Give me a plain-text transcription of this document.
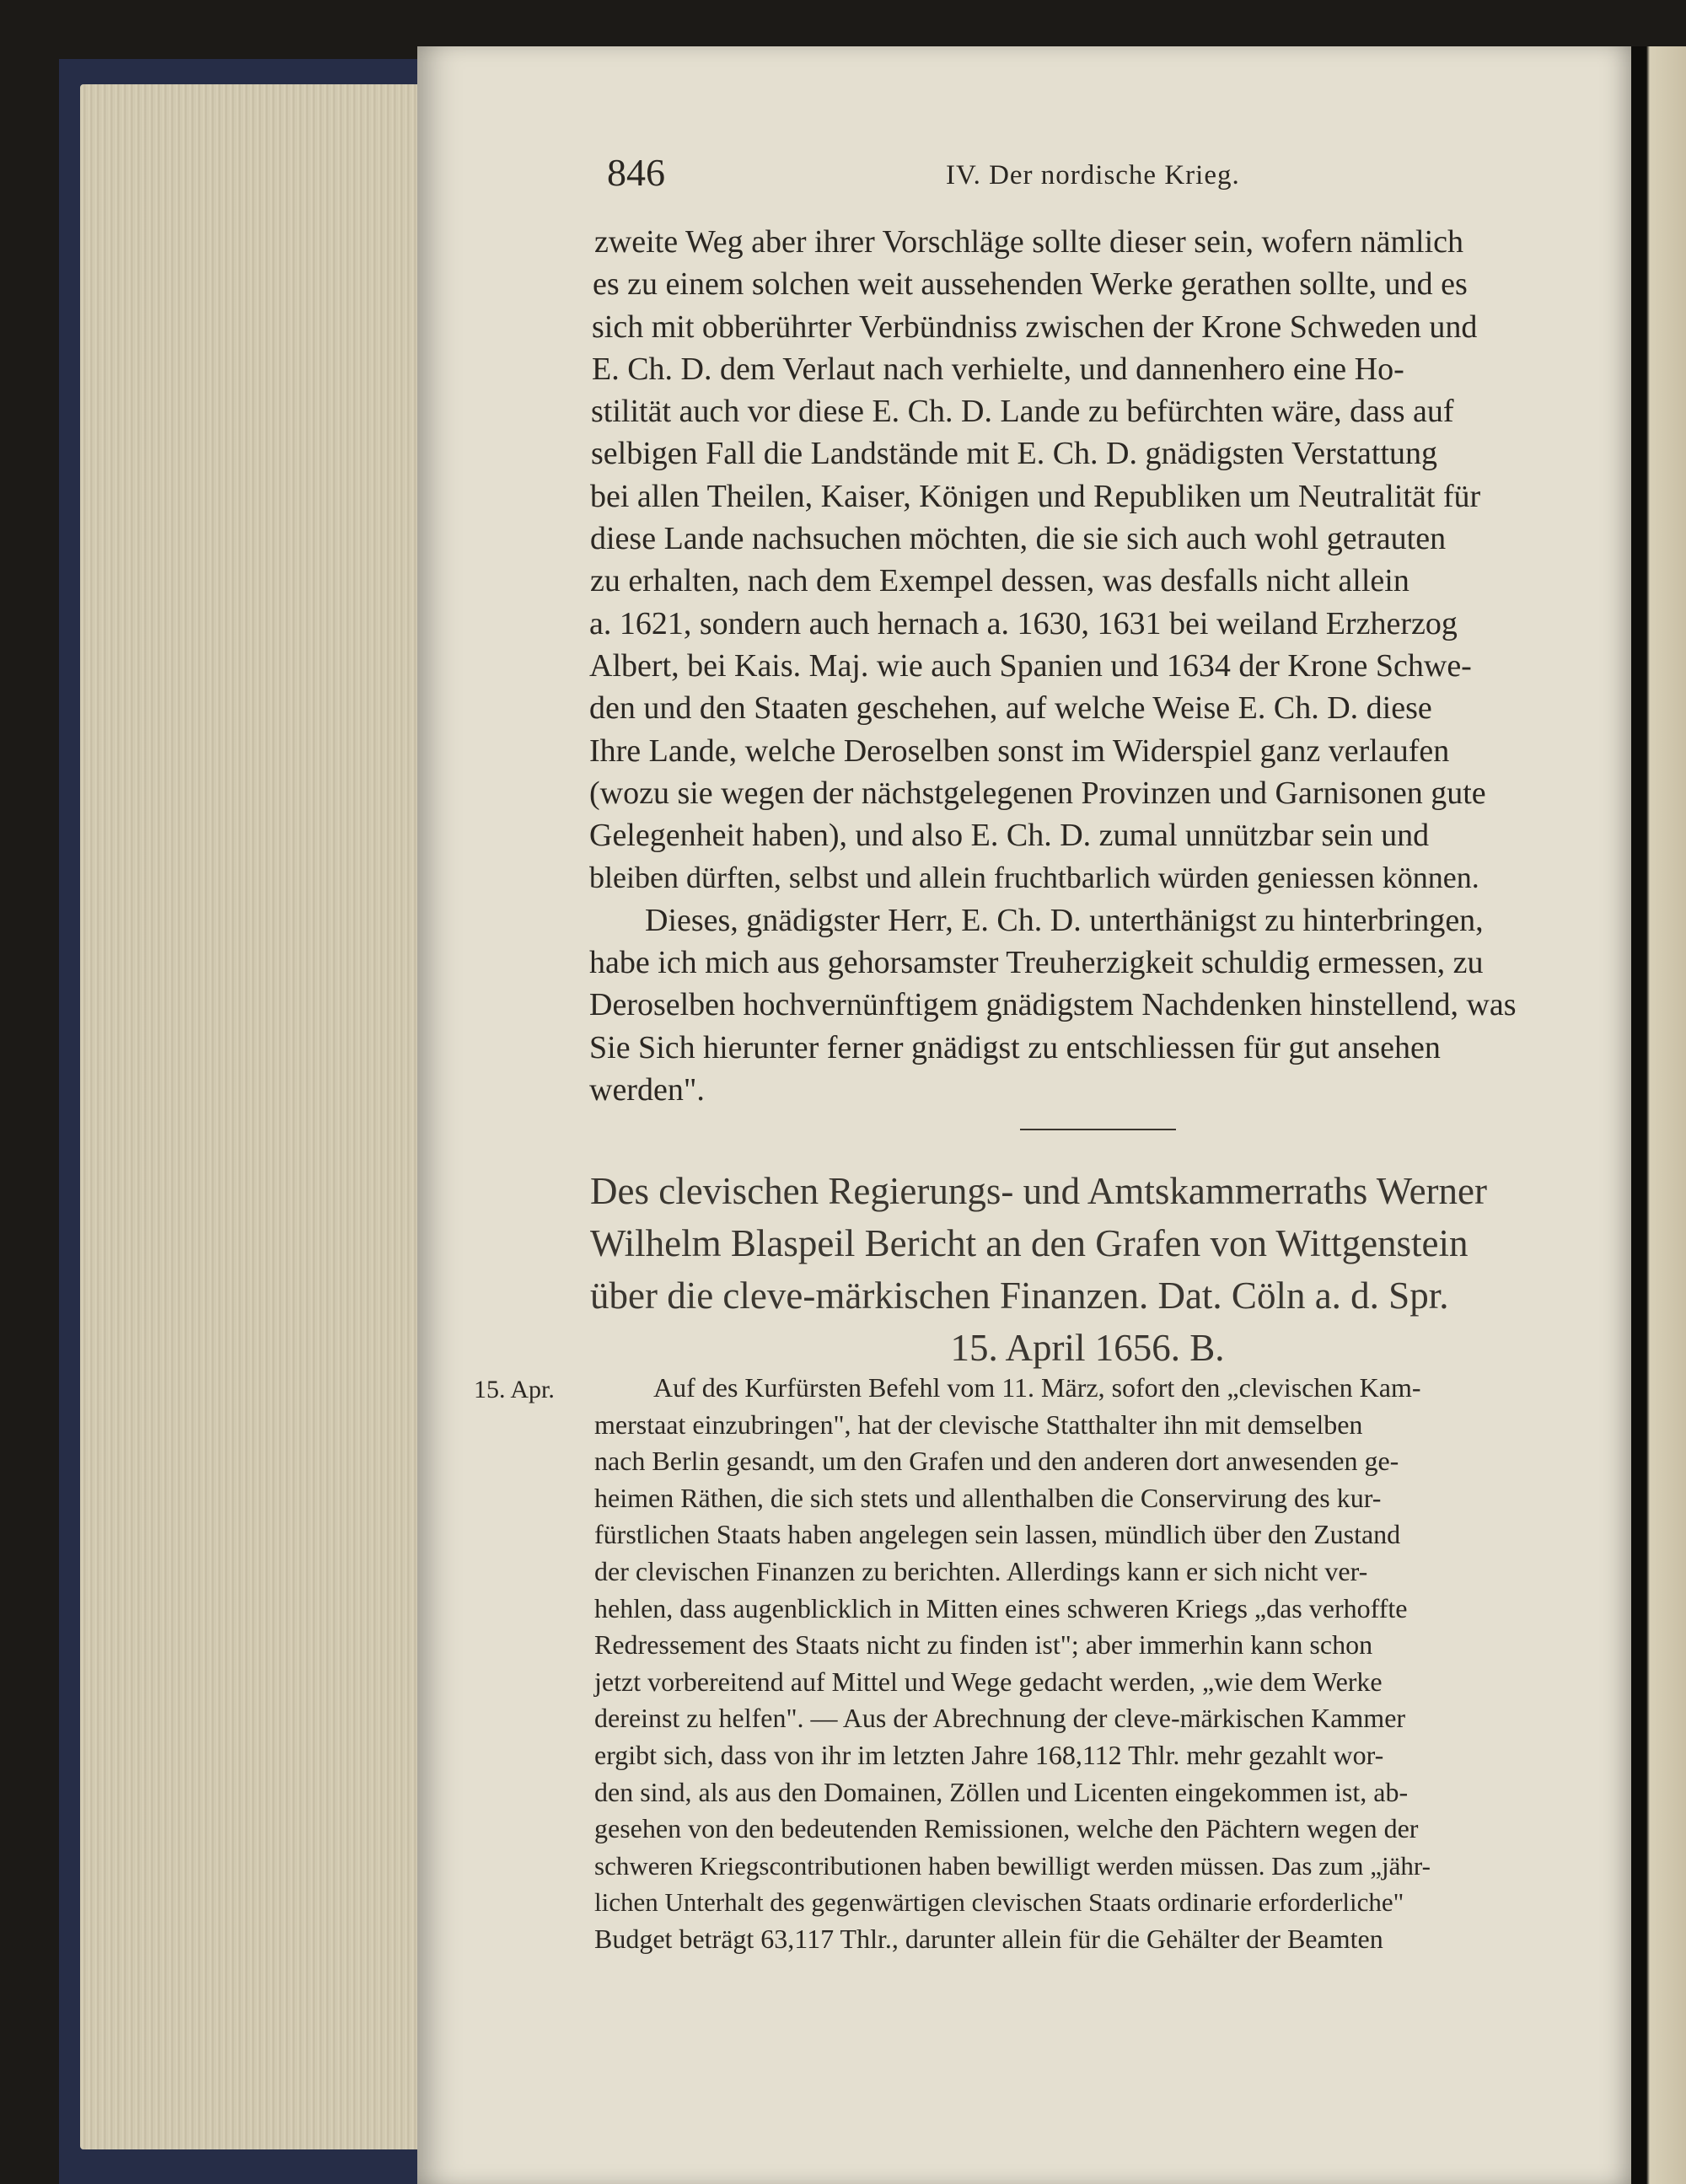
846	IV. Der nordische Krieg.
zweite Weg aber ihrer Vorschläge sollte dieser sein, wofern nämlich
es zu einem solchen weit aussehenden Werke gerathen sollte, und es
sich mit obberührter Verbündniss zwischen der Krone Schweden und
E. Ch. D. dem Verlaut nach verhielte, und dannenhero eine Ho-
stilität auch vor diese E. Ch. D. Lande zu befürchten wäre, dass auf
selbigen Fall die Landstände mit E. Ch. D. gnädigsten Verstattung
bei allen Theilen, Kaiser, Königen und Republiken um Neutralität für
diese Lande nachsuchen möchten, die sie sich auch wohl getrauten
zu erhalten, nach dem Exempel dessen, was desfalls nicht allein
a. 1621, sondern auch hernach a. 1630, 1631 bei weiland Erzherzog
Albert, bei Kais. Maj. wie auch Spanien und 1634 der Krone Schwe-
den und den Staaten geschehen, auf welche Weise E. Ch. D. diese
Ihre Lande, welche Deroselben sonst im Widerspiel ganz verlaufen
(wozu sie wegen der nächstgelegenen Provinzen und Garnisonen gute
Gelegenheit haben), und also E. Ch. D. zumal unnützbar sein und
bleiben dürften, selbst und allein fruchtbarlich würden geniessen können.
Dieses, gnädigster Herr, E. Ch. D. unterthänigst zu hinterbringen,
habe ich mich aus gehorsamster Treuherzigkeit schuldig ermessen, zu
Deroselben hochvernünftigem gnädigstem Nachdenken hinstellend, was
Sie Sich hierunter ferner gnädigst zu entschliessen für gut ansehen
werden".
Des clevischen Regierungs- und Amtskammerraths Werner
Wilhelm Blaspeil Bericht an den Grafen von Wittgenstein
über die cleve-märkischen Finanzen. Dat. Cöln a. d. Spr.
15. April 1656. B.
15. Apr.	Auf des Kurfürsten Befehl vom 11. März, sofort den „clevischen Kam-
merstaat einzubringen", hat der clevische Statthalter ihn mit demselben
nach Berlin gesandt, um den Grafen und den anderen dort anwesenden ge-
heimen Räthen, die sich stets und allenthalben die Conservirung des kur-
fürstlichen Staats haben angelegen sein lassen, mündlich über den Zustand
der clevischen Finanzen zu berichten. Allerdings kann er sich nicht ver-
hehlen, dass augenblicklich in Mitten eines schweren Kriegs „das verhoffte
Redressement des Staats nicht zu finden ist"; aber immerhin kann schon
jetzt vorbereitend auf Mittel und Wege gedacht werden, „wie dem Werke
dereinst zu helfen". — Aus der Abrechnung der cleve-märkischen Kammer
ergibt sich, dass von ihr im letzten Jahre 168,112 Thlr. mehr gezahlt wor-
den sind, als aus den Domainen, Zöllen und Licenten eingekommen ist, ab-
gesehen von den bedeutenden Remissionen, welche den Pächtern wegen der
schweren Kriegscontributionen haben bewilligt werden müssen. Das zum „jähr-
lichen Unterhalt des gegenwärtigen clevischen Staats ordinarie erforderliche"
Budget beträgt 63,117 Thlr., darunter allein für die Gehälter der Beamten
